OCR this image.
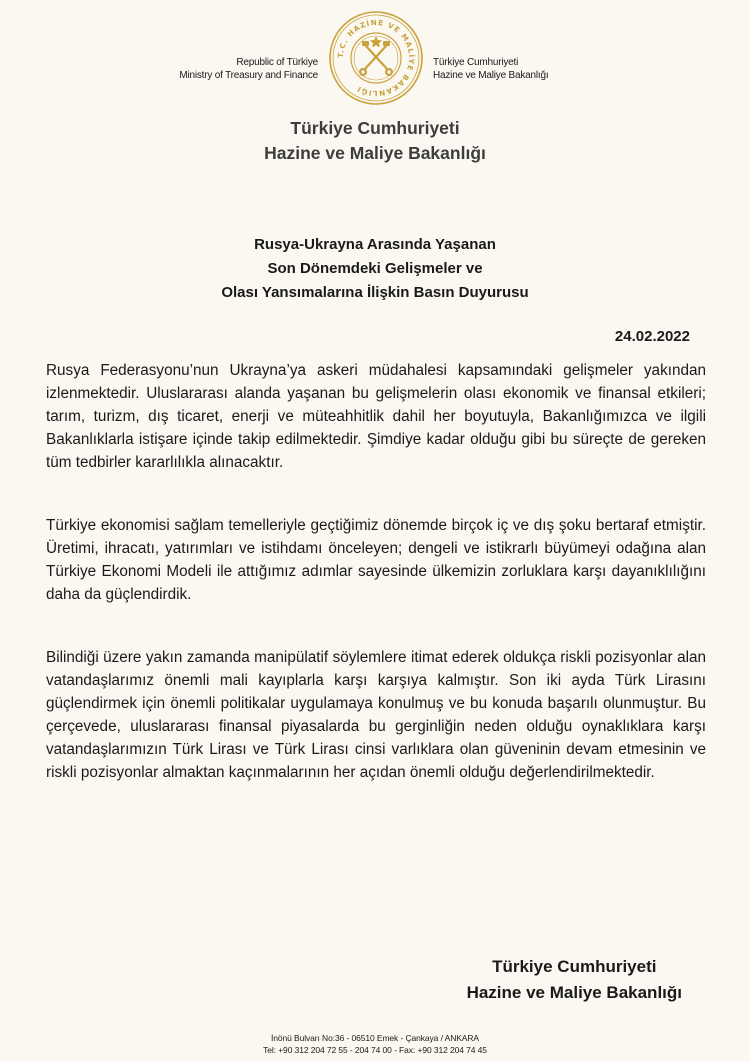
Republic of Türkiye
Ministry of Treasury and Finance
T.C. HAZİNE VE MALİYE BAKANLIĞI
Türkiye Cumhuriyeti
Hazine ve Maliye Bakanlığı
Türkiye Cumhuriyeti
Hazine ve Maliye Bakanlığı
Rusya-Ukrayna Arasında Yaşanan
Son Dönemdeki Gelişmeler ve
Olası Yansımalarına İlişkin Basın Duyurusu
24.02.2022

Rusya Federasyonu’nun Ukrayna’ya askeri müdahalesi kapsamındaki gelişmeler yakından izlenmektedir. Uluslararası alanda yaşanan bu gelişmelerin olası ekonomik ve finansal etkileri; tarım, turizm, dış ticaret, enerji ve müteahhitlik dahil her boyutuyla, Bakanlığımızca ve ilgili Bakanlıklarla istişare içinde takip edilmektedir. Şimdiye kadar olduğu gibi bu süreçte de gereken tüm tedbirler kararlılıkla alınacaktır.

Türkiye ekonomisi sağlam temelleriyle geçtiğimiz dönemde birçok iç ve dış şoku bertaraf etmiştir. Üretimi, ihracatı, yatırımları ve istihdamı önceleyen; dengeli ve istikrarlı büyümeyi odağına alan Türkiye Ekonomi Modeli ile attığımız adımlar sayesinde ülkemizin zorluklara karşı dayanıklılığını daha da güçlendirdik.

Bilindiği üzere yakın zamanda manipülatif söylemlere itimat ederek oldukça riskli pozisyonlar alan vatandaşlarımız önemli mali kayıplarla karşı karşıya kalmıştır. Son iki ayda Türk Lirasını güçlendirmek için önemli politikalar uygulamaya konulmuş ve bu konuda başarılı olunmuştur. Bu çerçevede, uluslararası finansal piyasalarda bu gerginliğin neden olduğu oynaklıklara karşı vatandaşlarımızın Türk Lirası ve Türk Lirası cinsi varlıklara olan güveninin devam etmesinin ve riskli pozisyonlar almaktan kaçınmalarının her açıdan önemli olduğu değerlendirilmektedir.

Türkiye Cumhuriyeti
Hazine ve Maliye Bakanlığı
İnönü Bulvarı No:36 - 06510 Emek - Çankaya / ANKARA
Tel: +90 312 204 72 55 - 204 74 00 - Fax: +90 312 204 74 45
